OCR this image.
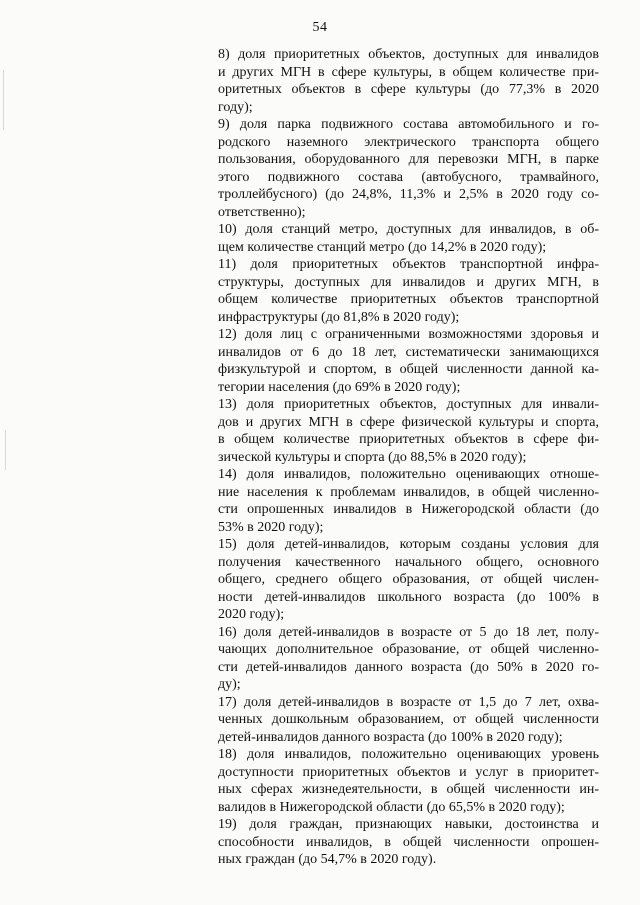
54

8) доля приоритетных объектов, доступных для инвалидов
и других МГН в сфере культуры, в общем количестве при-
оритетных объектов в сфере культуры (до 77,3% в 2020
году);

9) доля парка подвижного состава автомобильного и го-
родского наземного электрического транспорта общего
пользования, оборудованного для перевозки МГН, в парке
этого подвижного состава (автобусного, трамвайного,
троллейбусного) (до 24,8%, 11,3% и 2,5% в 2020 году со-
ответственно);

10) доля станций метро, доступных для инвалидов, в об-
щем количестве станций метро (до 14,2% в 2020 году);

11) доля приоритетных объектов транспортной инфра-
структуры, доступных для инвалидов и других МГН, в
общем количестве приоритетных объектов транспортной
инфраструктуры (до 81,8% в 2020 году);

12) доля лиц с ограниченными возможностями здоровья и
инвалидов от 6 до 18 лет, систематически занимающихся
физкультурой и спортом, в общей численности данной ка-
тегории населения (до 69% в 2020 году);

13) доля приоритетных объектов, доступных для инвали-
дов и других МГН в сфере физической культуры и спорта,
в общем количестве приоритетных объектов в сфере фи-
зической культуры и спорта (до 88,5% в 2020 году);

14) доля инвалидов, положительно оценивающих отноше-
ние населения к проблемам инвалидов, в общей численно-
сти опрошенных инвалидов в Нижегородской области (до
53% в 2020 году);

15) доля детей-инвалидов, которым созданы условия для
получения качественного начального общего, основного
общего, среднего общего образования, от общей числен-
ности детей-инвалидов школьного возраста (до 100% в
2020 году);

16) доля детей-инвалидов в возрасте от 5 до 18 лет, полу-
чающих дополнительное образование, от общей численно-
сти детей-инвалидов данного возраста (до 50% в 2020 го-
ду);

17) доля детей-инвалидов в возрасте от 1,5 до 7 лет, охва-
ченных дошкольным образованием, от общей численности
детей-инвалидов данного возраста (до 100% в 2020 году);

18) доля инвалидов, положительно оценивающих уровень
доступности приоритетных объектов и услуг в приоритет-
ных сферах жизнедеятельности, в общей численности ин-
валидов в Нижегородской области (до 65,5% в 2020 году);

19) доля граждан, признающих навыки, достоинства и
способности инвалидов, в общей численности опрошен-
ных граждан (до 54,7% в 2020 году).
